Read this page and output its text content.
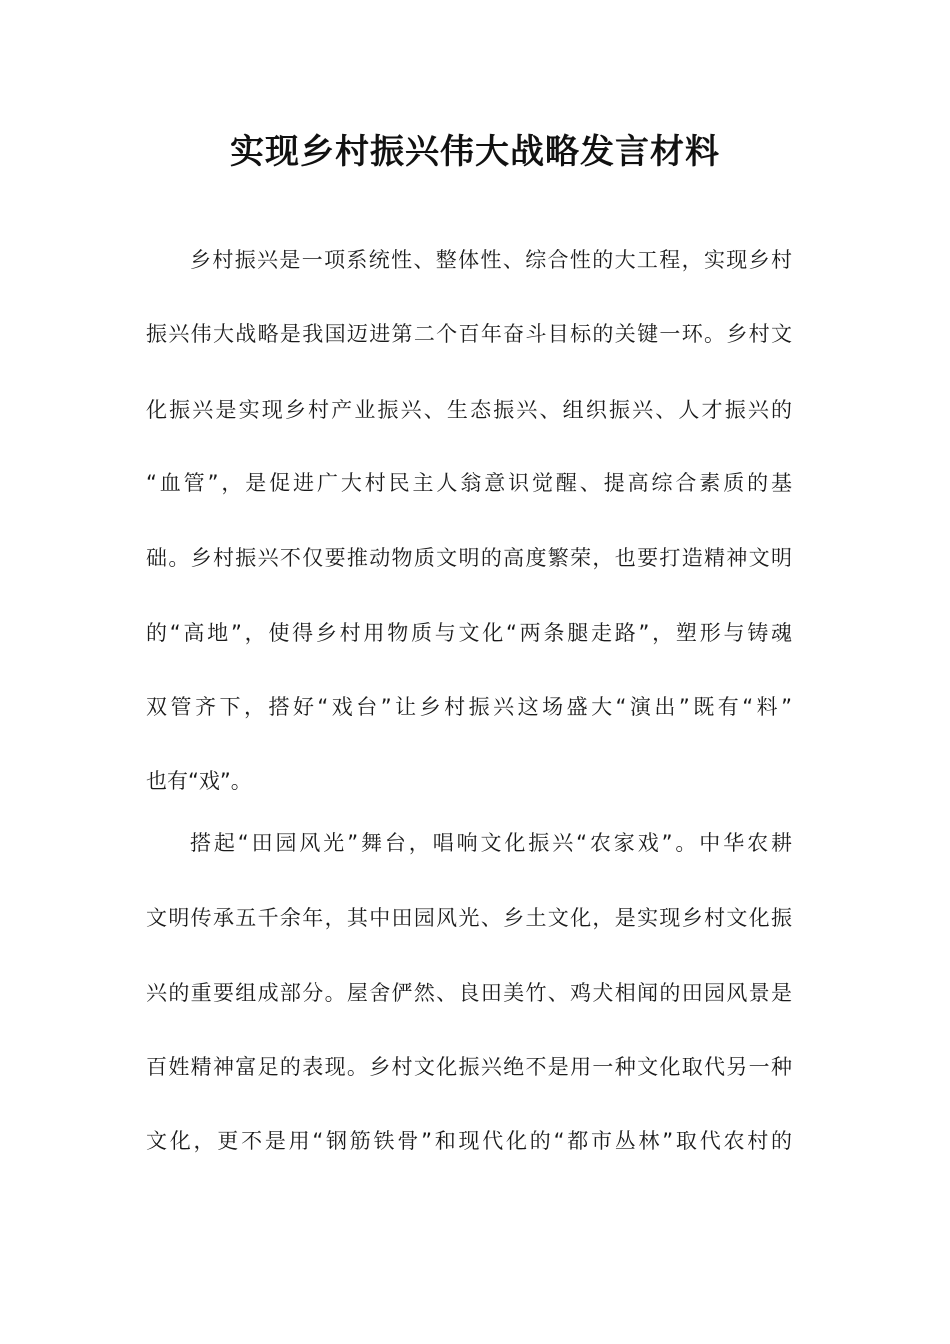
实现乡村振兴伟大战略发言材料

乡村振兴是一项系统性、整体性、综合性的大工程，实现乡村

振兴伟大战略是我国迈进第二个百年奋斗目标的关键一环。乡村文

化振兴是实现乡村产业振兴、生态振兴、组织振兴、人才振兴的

“血管”，是促进广大村民主人翁意识觉醒、提高综合素质的基

础。乡村振兴不仅要推动物质文明的高度繁荣，也要打造精神文明

的“高地”，使得乡村用物质与文化“两条腿走路”，塑形与铸魂

双管齐下，搭好“戏台”让乡村振兴这场盛大“演出”既有“料”

也有“戏”。

搭起“田园风光”舞台，唱响文化振兴“农家戏”。中华农耕

文明传承五千余年，其中田园风光、乡土文化，是实现乡村文化振

兴的重要组成部分。屋舍俨然、良田美竹、鸡犬相闻的田园风景是

百姓精神富足的表现。乡村文化振兴绝不是用一种文化取代另一种

文化，更不是用“钢筋铁骨”和现代化的“都市丛林”取代农村的
